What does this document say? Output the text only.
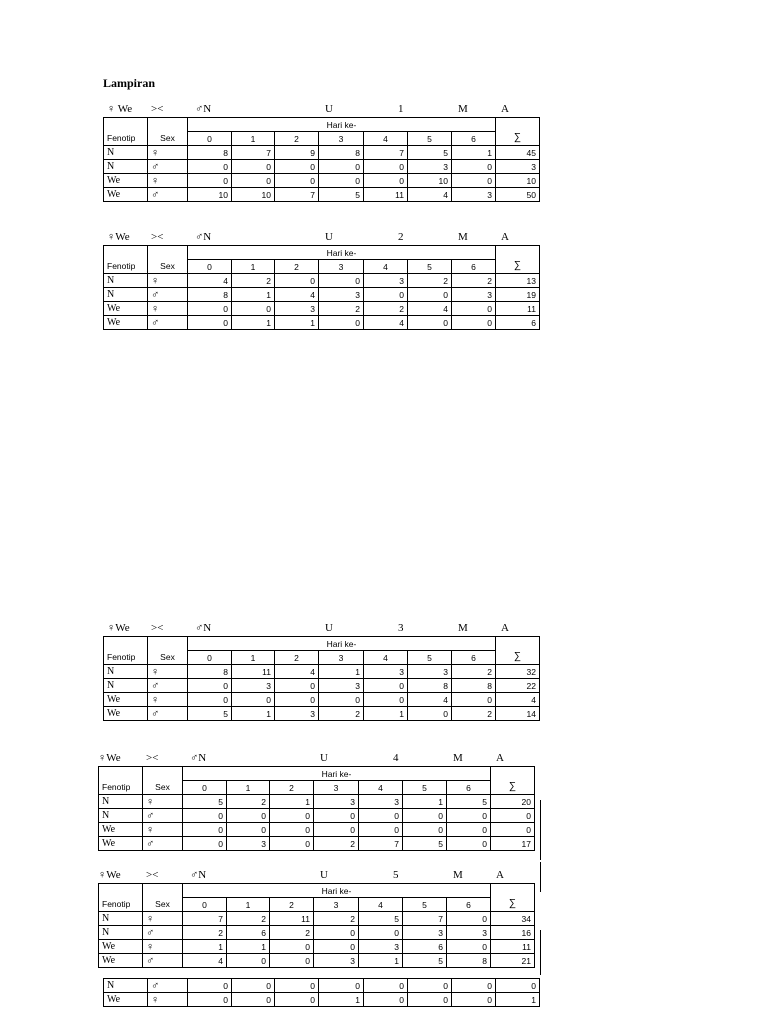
Lampiran
♀ We ><	♂N	U	1	M	A
		Hari ke-							
Fenotip	Sex	0	1	2	3	4	5	6	∑
N	♀	8	7	9	8	7	5	1	45
N	♂	0	0	0	0	0	3	0	3
We	♀	0	0	0	0	0	10	0	10
We	♂	10	10	7	5	11	4	3	50
♀We ><	♂N	U	2	M	A
		Hari ke-							
Fenotip	Sex	0	1	2	3	4	5	6	∑
N	♀	4	2	0	0	3	2	2	13
N	♂	8	1	4	3	0	0	3	19
We	♀	0	0	3	2	2	4	0	11
We	♂	0	1	1	0	4	0	0	6
♀We ><	♂N	U	3	M	A
		Hari ke-							
Fenotip	Sex	0	1	2	3	4	5	6	∑
N	♀	8	11	4	1	3	3	2	32
N	♂	0	3	0	3	0	8	8	22
We	♀	0	0	0	0	0	4	0	4
We	♂	5	1	3	2	1	0	2	14
♀We ><	♂N	U	4	M	A
		Hari ke-							
Fenotip	Sex	0	1	2	3	4	5	6	∑
N	♀	5	2	1	3	3	1	5	20
N	♂	0	0	0	0	0	0	0	0
We	♀	0	0	0	0	0	0	0	0
We	♂	0	3	0	2	7	5	0	17
♀We ><	♂N	U	5	M	A
		Hari ke-							
Fenotip	Sex	0	1	2	3	4	5	6	∑
N	♀	7	2	11	2	5	7	0	34
N	♂	2	6	2	0	0	3	3	16
We	♀	1	1	0	0	3	6	0	11
We	♂	4	0	0	3	1	5	8	21
N	♂	0	0	0	0	0	0	0	0
We	♀	0	0	0	1	0	0	0	1
